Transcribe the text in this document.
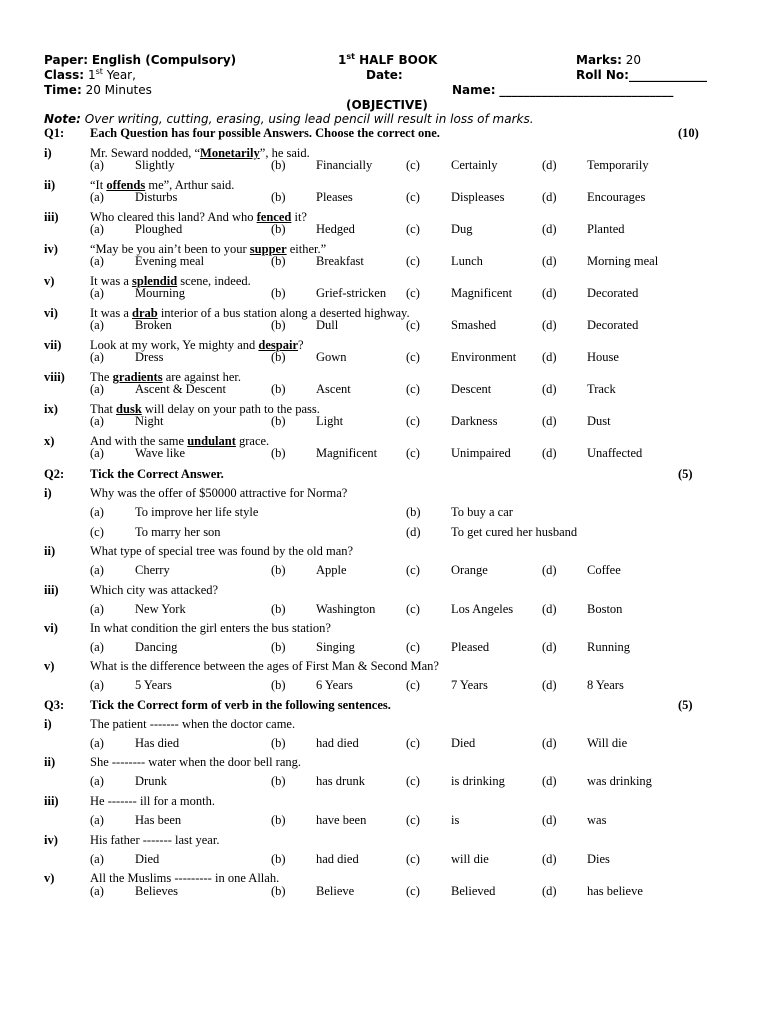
Paper: English (Compulsory)
Class: 1st Year,
Time: 20 Minutes
1st HALF BOOK
Date:
Marks: 20
Roll No:_____________
Name: _____________________________
(OBJECTIVE)
Note: Over writing, cutting, erasing, using lead pencil will result in loss of marks.
Q1: Each Question has four possible Answers. Choose the correct one.	(10)
i)	Mr. Seward nodded, “Monetarily”, he said.
(a) Slightly	(b) Financially	(c) Certainly	(d) Temporarily
ii)	“It offends me”, Arthur said.
(a) Disturbs	(b) Pleases	(c) Displeases	(d) Encourages
iii)	Who cleared this land? And who fenced it?
(a) Ploughed	(b) Hedged	(c) Dug	(d) Planted
iv)	“May be you ain’t been to your supper either.”
(a) Evening meal	(b) Breakfast	(c) Lunch	(d) Morning meal
v)	It was a splendid scene, indeed.
(a) Mourning	(b) Grief-stricken (c) Magnificent (d) Decorated
vi)	It was a drab interior of a bus station along a deserted highway.
(a) Broken	(b) Dull	(c) Smashed	(d) Decorated
vii) Look at my work, Ye mighty and despair?
(a) Dress	(b) Gown	(c) Environment (d) House
viii) The gradients are against her.
(a) Ascent & Descent	(b) Ascent	(c) Descent	(d) Track
ix)	That dusk will delay on your path to the pass.
(a) Night	(b) Light	(c) Darkness	(d) Dust
x)	And with the same undulant grace.
(a) Wave like	(b) Magnificent (c) Unimpaired	(d) Unaffected
Q2: Tick the Correct Answer.	(5)
i)	Why was the offer of $50000 attractive for Norma?
(a) To improve her life style	(b) To buy a car
(c) To marry her son	(d) To get cured her husband
ii)	What type of special tree was found by the old man?
(a) Cherry	(b) Apple	(c) Orange	(d) Coffee
iii)	Which city was attacked?
(a) New York	(b) Washington (c) Los Angeles (d) Boston
vi)	In what condition the girl enters the bus station?
(a) Dancing	(b) Singing	(c) Pleased	(d) Running
v)	What is the difference between the ages of First Man & Second Man?
(a) 5 Years	(b) 6 Years	(c) 7 Years	(d) 8 Years
Q3: Tick the Correct form of verb in the following sentences.	(5)
i)	The patient ------- when the doctor came.
(a) Has died	(b) had died	(c) Died	(d) Will die
ii)	She -------- water when the door bell rang.
(a) Drunk	(b) has drunk	(c) is drinking	(d) was drinking
iii)	He ------- ill for a month.
(a) Has been	(b) have been	(c) is	(d) was
iv)	His father ------- last year.
(a) Died	(b) had died	(c) will die	(d) Dies
v)	All the Muslims --------- in one Allah.
(a) Believes	(b) Believe	(c) Believed	(d) has believe
